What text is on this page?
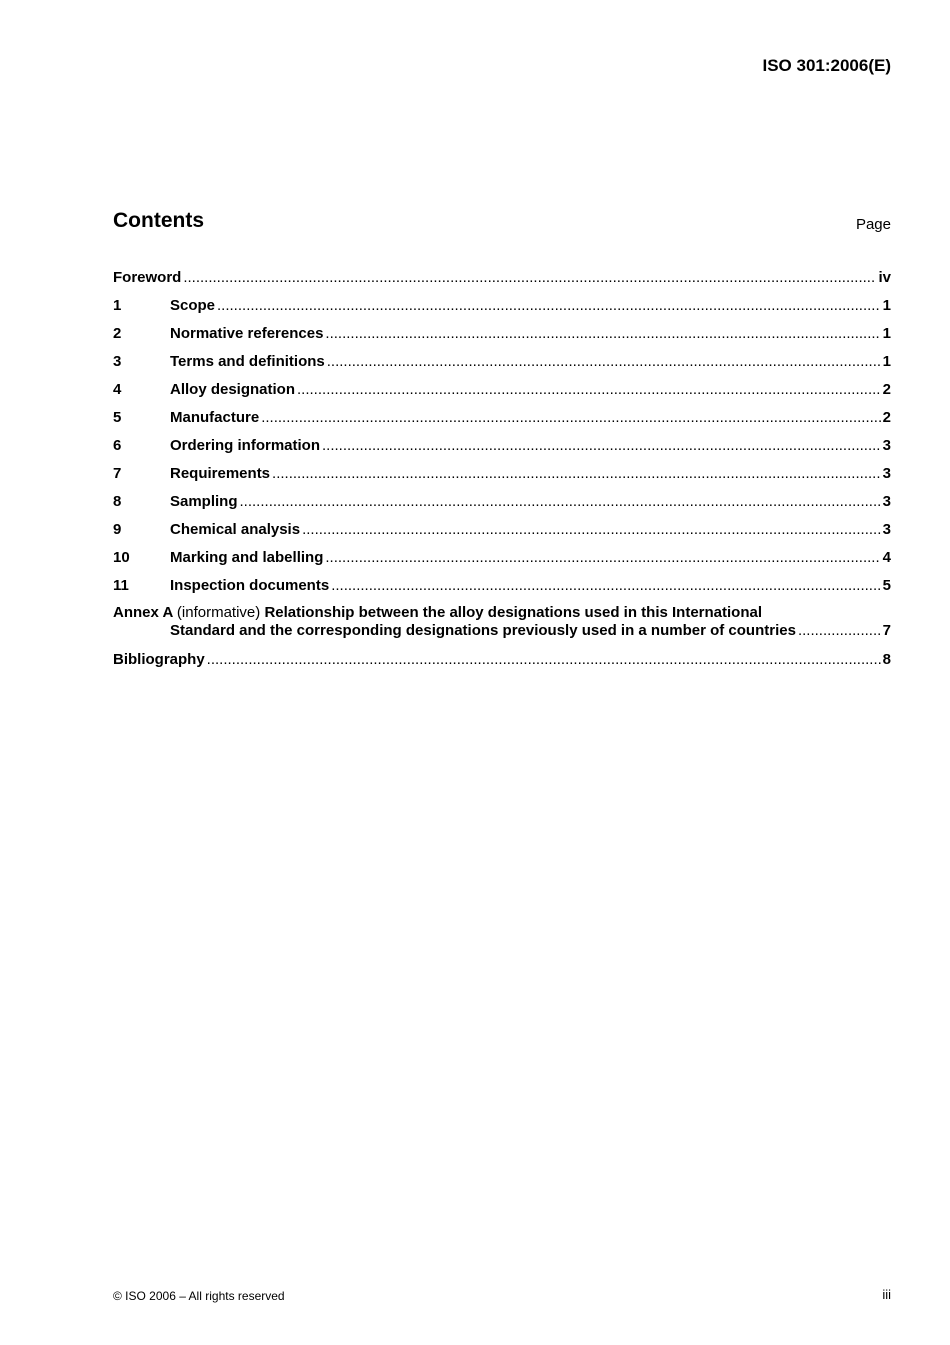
ISO 301:2006(E)
Contents	Page
Foreword .....	iv
1	Scope .....	1
2	Normative references .....	1
3	Terms and definitions .....	1
4	Alloy designation .....	2
5	Manufacture .....	2
6	Ordering information .....	3
7	Requirements .....	3
8	Sampling .....	3
9	Chemical analysis .....	3
10	Marking and labelling .....	4
11	Inspection documents .....	5
Annex A (informative) Relationship between the alloy designations used in this International
Standard and the corresponding designations previously used in a number of countries .....	7
Bibliography .....	8
© ISO 2006 – All rights reserved	iii
